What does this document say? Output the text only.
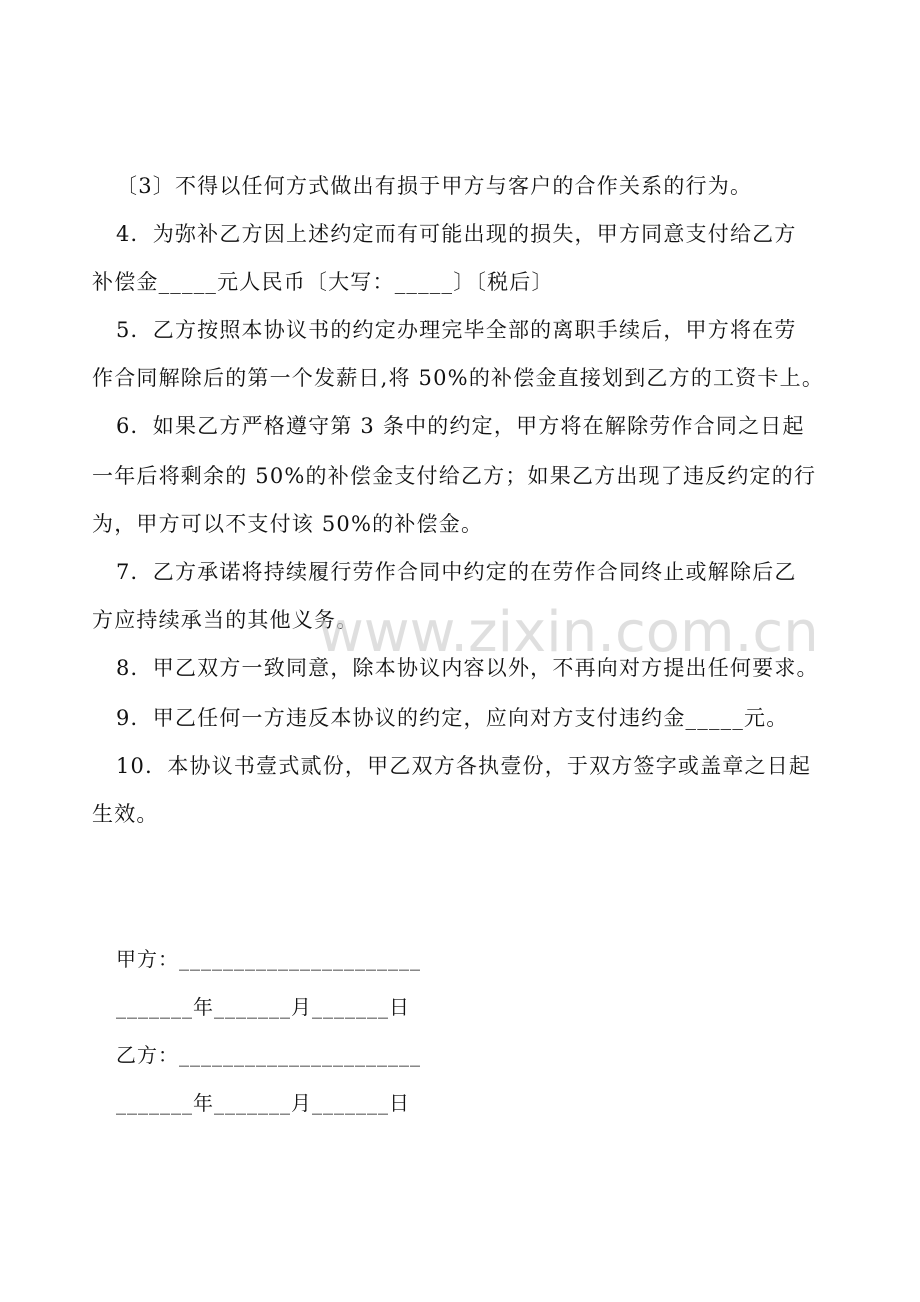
〔3〕不得以任何方式做出有损于甲方与客户的合作关系的行为。
4．为弥补乙方因上述约定而有可能出现的损失，甲方同意支付给乙方
补偿金_____元人民币〔大写：_____〕〔税后〕
5．乙方按照本协议书的约定办理完毕全部的离职手续后，甲方将在劳
作合同解除后的第一个发薪日,将 50%的补偿金直接划到乙方的工资卡上。
6．如果乙方严格遵守第 3 条中的约定，甲方将在解除劳作合同之日起
一年后将剩余的 50%的补偿金支付给乙方；如果乙方出现了违反约定的行
为，甲方可以不支付该 50%的补偿金。
7．乙方承诺将持续履行劳作合同中约定的在劳作合同终止或解除后乙
方应持续承当的其他义务。
8．甲乙双方一致同意，除本协议内容以外，不再向对方提出任何要求。
9．甲乙任何一方违反本协议的约定，应向对方支付违约金_____元。
10．本协议书壹式贰份，甲乙双方各执壹份，于双方签字或盖章之日起
生效。
甲方：______________________
_______年_______月_______日
乙方：______________________
_______年_______月_______日
www.zixin.com.cn
